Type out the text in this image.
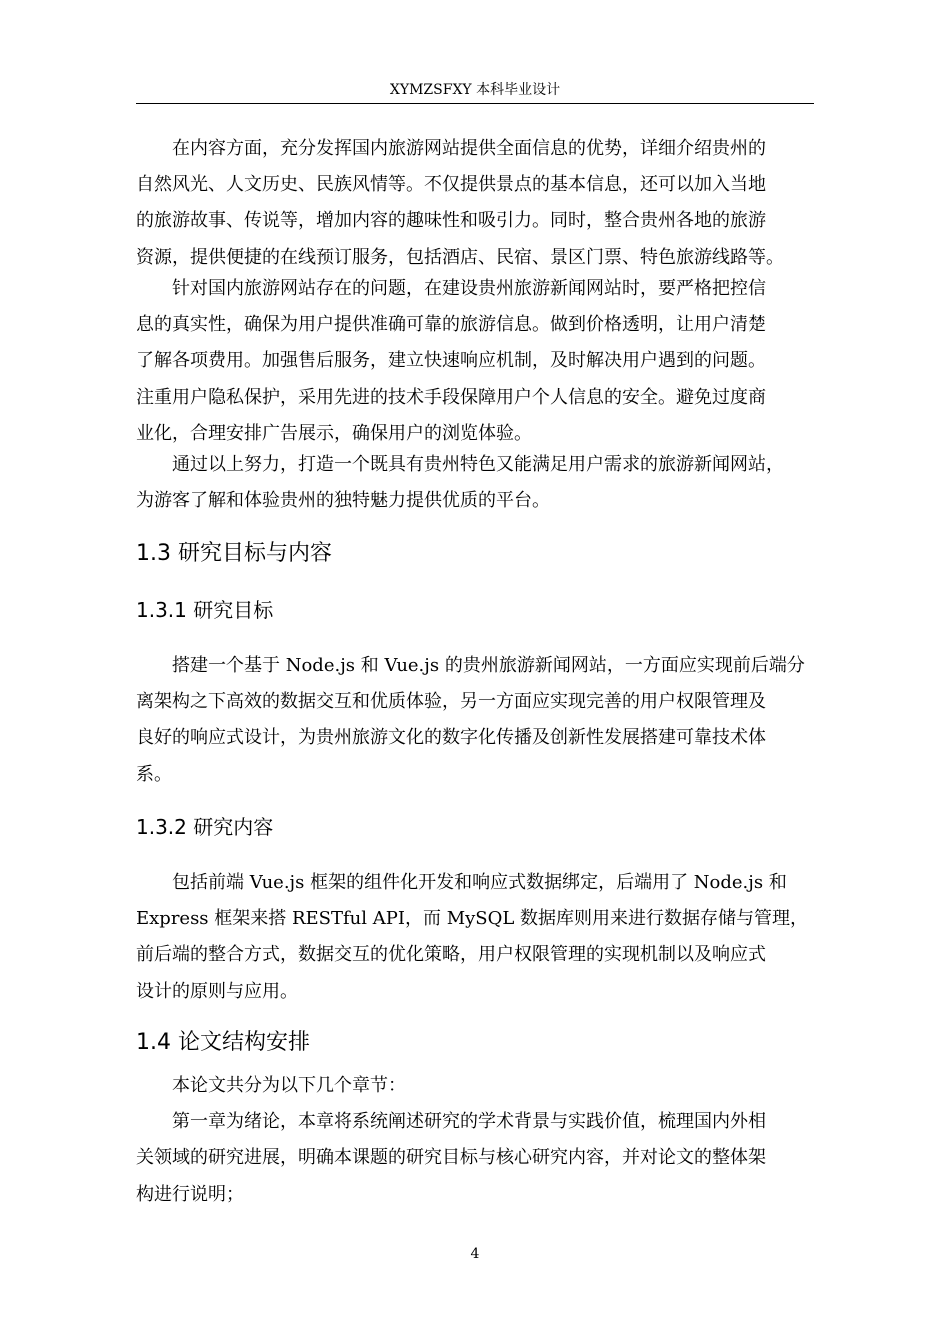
XYMZSFXY 本科毕业设计

在内容方面，充分发挥国内旅游网站提供全面信息的优势，详细介绍贵州的
自然风光、人文历史、民族风情等。不仅提供景点的基本信息，还可以加入当地
的旅游故事、传说等，增加内容的趣味性和吸引力。同时，整合贵州各地的旅游
资源，提供便捷的在线预订服务，包括酒店、民宿、景区门票、特色旅游线路等。

针对国内旅游网站存在的问题，在建设贵州旅游新闻网站时，要严格把控信
息的真实性，确保为用户提供准确可靠的旅游信息。做到价格透明，让用户清楚
了解各项费用。加强售后服务，建立快速响应机制，及时解决用户遇到的问题。
注重用户隐私保护，采用先进的技术手段保障用户个人信息的安全。避免过度商
业化，合理安排广告展示，确保用户的浏览体验。

通过以上努力，打造一个既具有贵州特色又能满足用户需求的旅游新闻网站，
为游客了解和体验贵州的独特魅力提供优质的平台。

1.3 研究目标与内容
1.3.1 研究目标

搭建一个基于 Node.js 和 Vue.js 的贵州旅游新闻网站，一方面应实现前后端分
离架构之下高效的数据交互和优质体验，另一方面应实现完善的用户权限管理及
良好的响应式设计，为贵州旅游文化的数字化传播及创新性发展搭建可靠技术体
系。

1.3.2 研究内容

包括前端 Vue.js 框架的组件化开发和响应式数据绑定，后端用了 Node.js 和
Express 框架来搭 RESTful API，而 MySQL 数据库则用来进行数据存储与管理，
前后端的整合方式，数据交互的优化策略，用户权限管理的实现机制以及响应式
设计的原则与应用。

1.4 论文结构安排

本论文共分为以下几个章节：
第一章为绪论，本章将系统阐述研究的学术背景与实践价值，梳理国内外相
关领域的研究进展，明确本课题的研究目标与核心研究内容，并对论文的整体架
构进行说明；

4
